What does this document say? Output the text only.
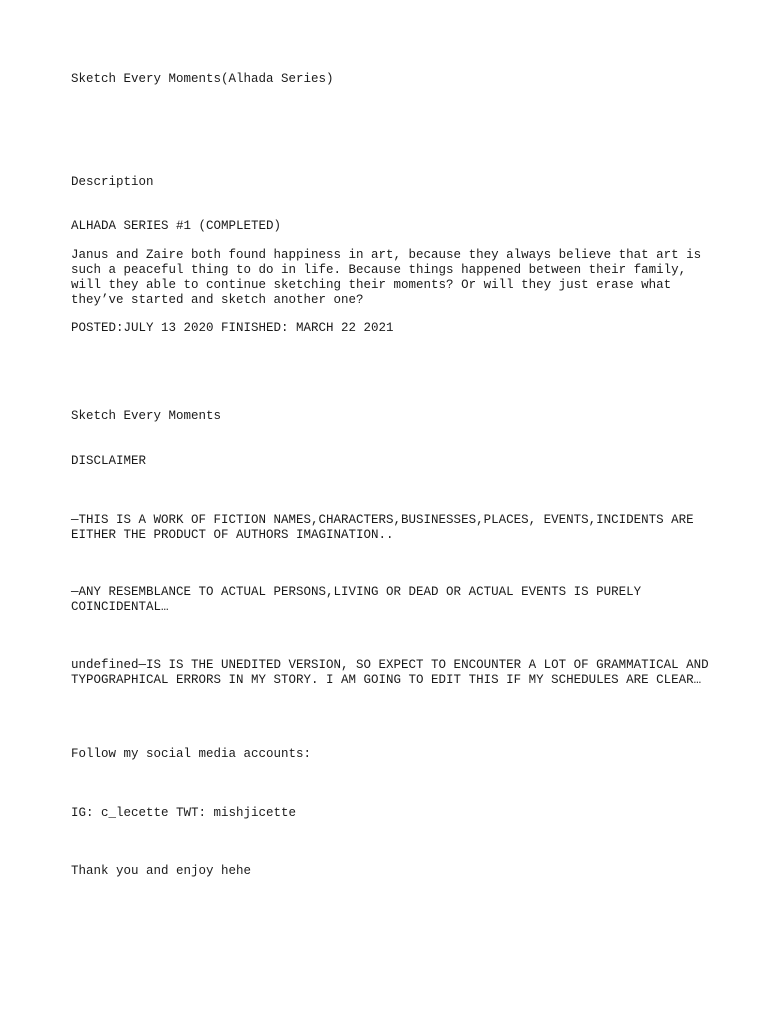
Sketch Every Moments(Alhada Series)

Description

ALHADA SERIES #1 (COMPLETED)

Janus and Zaire both found happiness in art, because they always believe that art is such a peaceful thing to do in life. Because things happened between their family, will they able to continue sketching their moments? Or will they just erase what they’ve started and sketch another one?

POSTED:JULY 13 2020 FINISHED: MARCH 22 2021

Sketch Every Moments

DISCLAIMER

—THIS IS A WORK OF FICTION NAMES,CHARACTERS,BUSINESSES,PLACES, EVENTS,INCIDENTS ARE EITHER THE PRODUCT OF AUTHORS IMAGINATION..

—ANY RESEMBLANCE TO ACTUAL PERSONS,LIVING OR DEAD OR ACTUAL EVENTS IS PURELY COINCIDENTAL…

undefined—IS IS THE UNEDITED VERSION, SO EXPECT TO ENCOUNTER A LOT OF GRAMMATICAL AND TYPOGRAPHICAL ERRORS IN MY STORY. I AM GOING TO EDIT THIS IF MY SCHEDULES ARE CLEAR…

Follow my social media accounts:

IG: c_lecette TWT: mishjicette

Thank you and enjoy hehe
